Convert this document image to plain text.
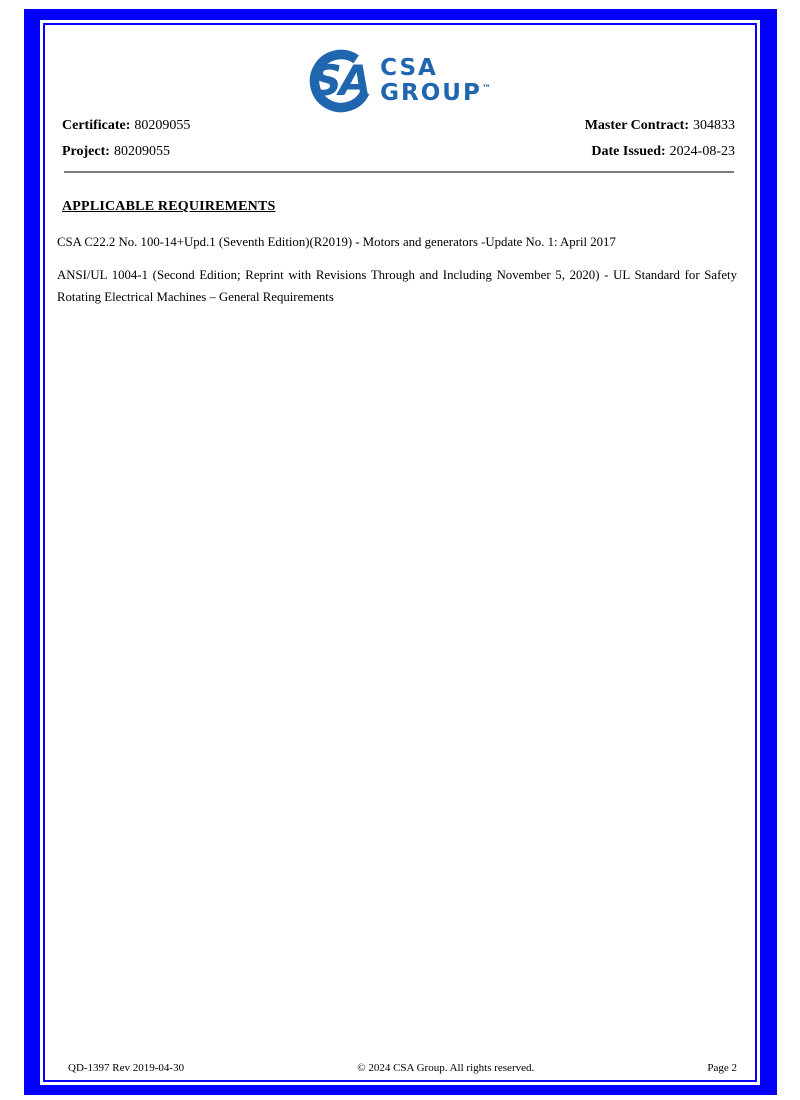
SA CSA
GROUP™
Certificate: 80209055	Master Contract: 304833
Project: 80209055	Date Issued: 2024-08-23
APPLICABLE REQUIREMENTS
CSA C22.2 No. 100-14+Upd.1 (Seventh Edition)(R2019) - Motors and generators -Update No. 1: April 2017
ANSI/UL 1004-1 (Second Edition; Reprint with Revisions Through and Including November 5, 2020) - UL Standard for Safety
Rotating Electrical Machines – General Requirements
QD-1397 Rev 2019-04-30	© 2024 CSA Group. All rights reserved.	Page 2
